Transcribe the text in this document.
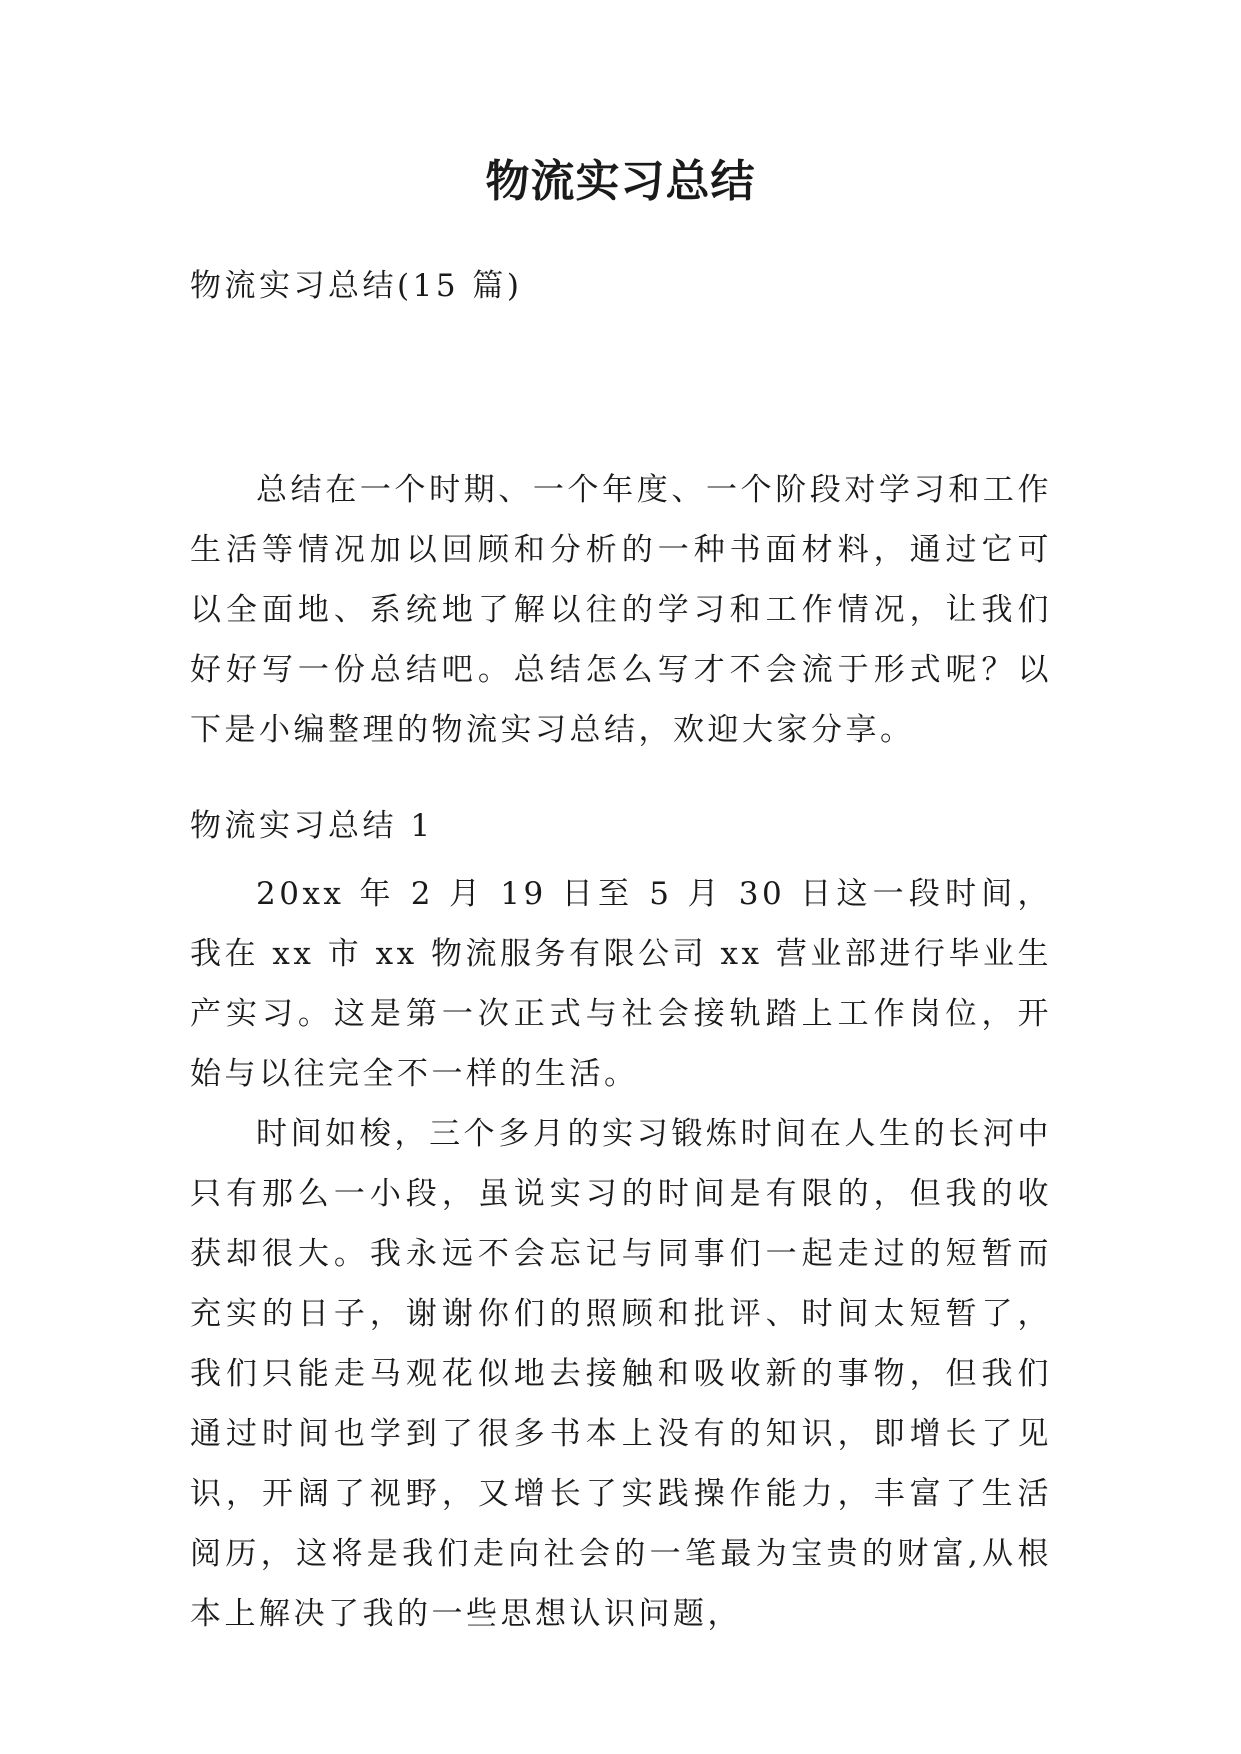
物流实习总结

物流实习总结(15 篇)

总结在一个时期、一个年度、一个阶段对学习和工作生活等情况加以回顾和分析的一种书面材料，通过它可以全面地、系统地了解以往的学习和工作情况，让我们好好写一份总结吧。总结怎么写才不会流于形式呢？以下是小编整理的物流实习总结，欢迎大家分享。

物流实习总结 1

20xx 年 2 月 19 日至 5 月 30 日这一段时间，我在 xx 市 xx 物流服务有限公司 xx 营业部进行毕业生产实习。这是第一次正式与社会接轨踏上工作岗位，开始与以往完全不一样的生活。

时间如梭，三个多月的实习锻炼时间在人生的长河中只有那么一小段，虽说实习的时间是有限的，但我的收获却很大。我永远不会忘记与同事们一起走过的短暂而充实的日子，谢谢你们的照顾和批评、时间太短暂了，我们只能走马观花似地去接触和吸收新的事物，但我们通过时间也学到了很多书本上没有的知识，即增长了见识，开阔了视野，又增长了实践操作能力，丰富了生活阅历，这将是我们走向社会的一笔最为宝贵的财富,从根本上解决了我的一些思想认识问题，
